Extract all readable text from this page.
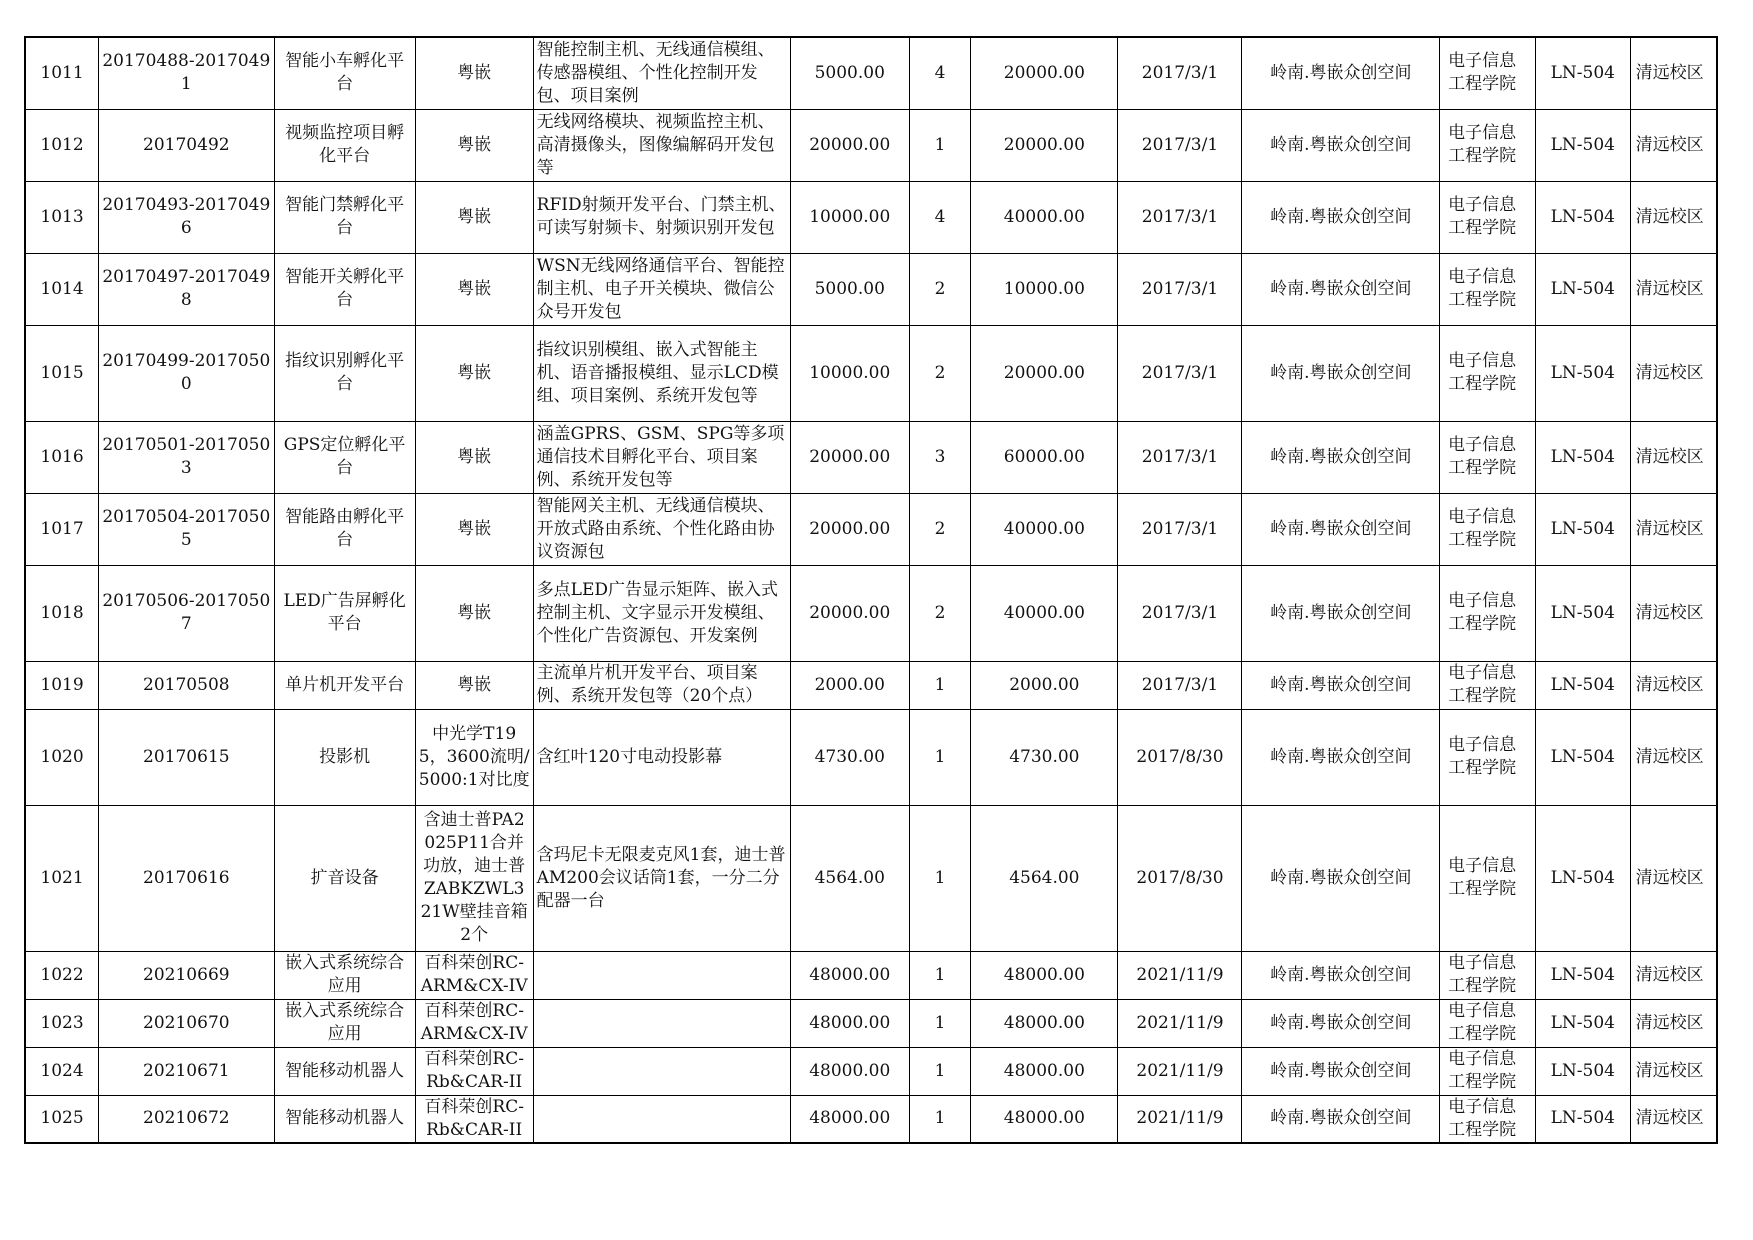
1011	20170488-20170491	智能小车孵化平台	粤嵌	智能控制主机、无线通信模组、传感器模组、个性化控制开发包、项目案例	5000.00	4	20000.00	2017/3/1	岭南.粤嵌众创空间	电子信息工程学院	LN-504	清远校区
1012	20170492	视频监控项目孵化平台	粤嵌	无线网络模块、视频监控主机、高清摄像头，图像编解码开发包等	20000.00	1	20000.00	2017/3/1	岭南.粤嵌众创空间	电子信息工程学院	LN-504	清远校区
1013	20170493-20170496	智能门禁孵化平台	粤嵌	RFID射频开发平台、门禁主机、可读写射频卡、射频识别开发包	10000.00	4	40000.00	2017/3/1	岭南.粤嵌众创空间	电子信息工程学院	LN-504	清远校区
1014	20170497-20170498	智能开关孵化平台	粤嵌	WSN无线网络通信平台、智能控制主机、电子开关模块、微信公众号开发包	5000.00	2	10000.00	2017/3/1	岭南.粤嵌众创空间	电子信息工程学院	LN-504	清远校区
1015	20170499-20170500	指纹识别孵化平台	粤嵌	指纹识别模组、嵌入式智能主机、语音播报模组、显示LCD模组、项目案例、系统开发包等	10000.00	2	20000.00	2017/3/1	岭南.粤嵌众创空间	电子信息工程学院	LN-504	清远校区
1016	20170501-20170503	GPS定位孵化平台	粤嵌	涵盖GPRS、GSM、SPG等多项通信技术目孵化平台、项目案例、系统开发包等	20000.00	3	60000.00	2017/3/1	岭南.粤嵌众创空间	电子信息工程学院	LN-504	清远校区
1017	20170504-20170505	智能路由孵化平台	粤嵌	智能网关主机、无线通信模块、开放式路由系统、个性化路由协议资源包	20000.00	2	40000.00	2017/3/1	岭南.粤嵌众创空间	电子信息工程学院	LN-504	清远校区
1018	20170506-20170507	LED广告屏孵化平台	粤嵌	多点LED广告显示矩阵、嵌入式控制主机、文字显示开发模组、个性化广告资源包、开发案例	20000.00	2	40000.00	2017/3/1	岭南.粤嵌众创空间	电子信息工程学院	LN-504	清远校区
1019	20170508	单片机开发平台	粤嵌	主流单片机开发平台、项目案例、系统开发包等（20个点）	2000.00	1	2000.00	2017/3/1	岭南.粤嵌众创空间	电子信息工程学院	LN-504	清远校区
1020	20170615	投影机	中光学T195，3600流明/5000:1对比度	含红叶120寸电动投影幕	4730.00	1	4730.00	2017/8/30	岭南.粤嵌众创空间	电子信息工程学院	LN-504	清远校区
1021	20170616	扩音设备	含迪士普PA2025P11合并功放，迪士普ZABKZWL321W壁挂音箱2个	含玛尼卡无限麦克风1套，迪士普AM200会议话筒1套，一分二分配器一台	4564.00	1	4564.00	2017/8/30	岭南.粤嵌众创空间	电子信息工程学院	LN-504	清远校区
1022	20210669	嵌入式系统综合应用	百科荣创RC-ARM&CX-IV		48000.00	1	48000.00	2021/11/9	岭南.粤嵌众创空间	电子信息工程学院	LN-504	清远校区
1023	20210670	嵌入式系统综合应用	百科荣创RC-ARM&CX-IV		48000.00	1	48000.00	2021/11/9	岭南.粤嵌众创空间	电子信息工程学院	LN-504	清远校区
1024	20210671	智能移动机器人	百科荣创RC-Rb&CAR-II		48000.00	1	48000.00	2021/11/9	岭南.粤嵌众创空间	电子信息工程学院	LN-504	清远校区
1025	20210672	智能移动机器人	百科荣创RC-Rb&CAR-II		48000.00	1	48000.00	2021/11/9	岭南.粤嵌众创空间	电子信息工程学院	LN-504	清远校区
